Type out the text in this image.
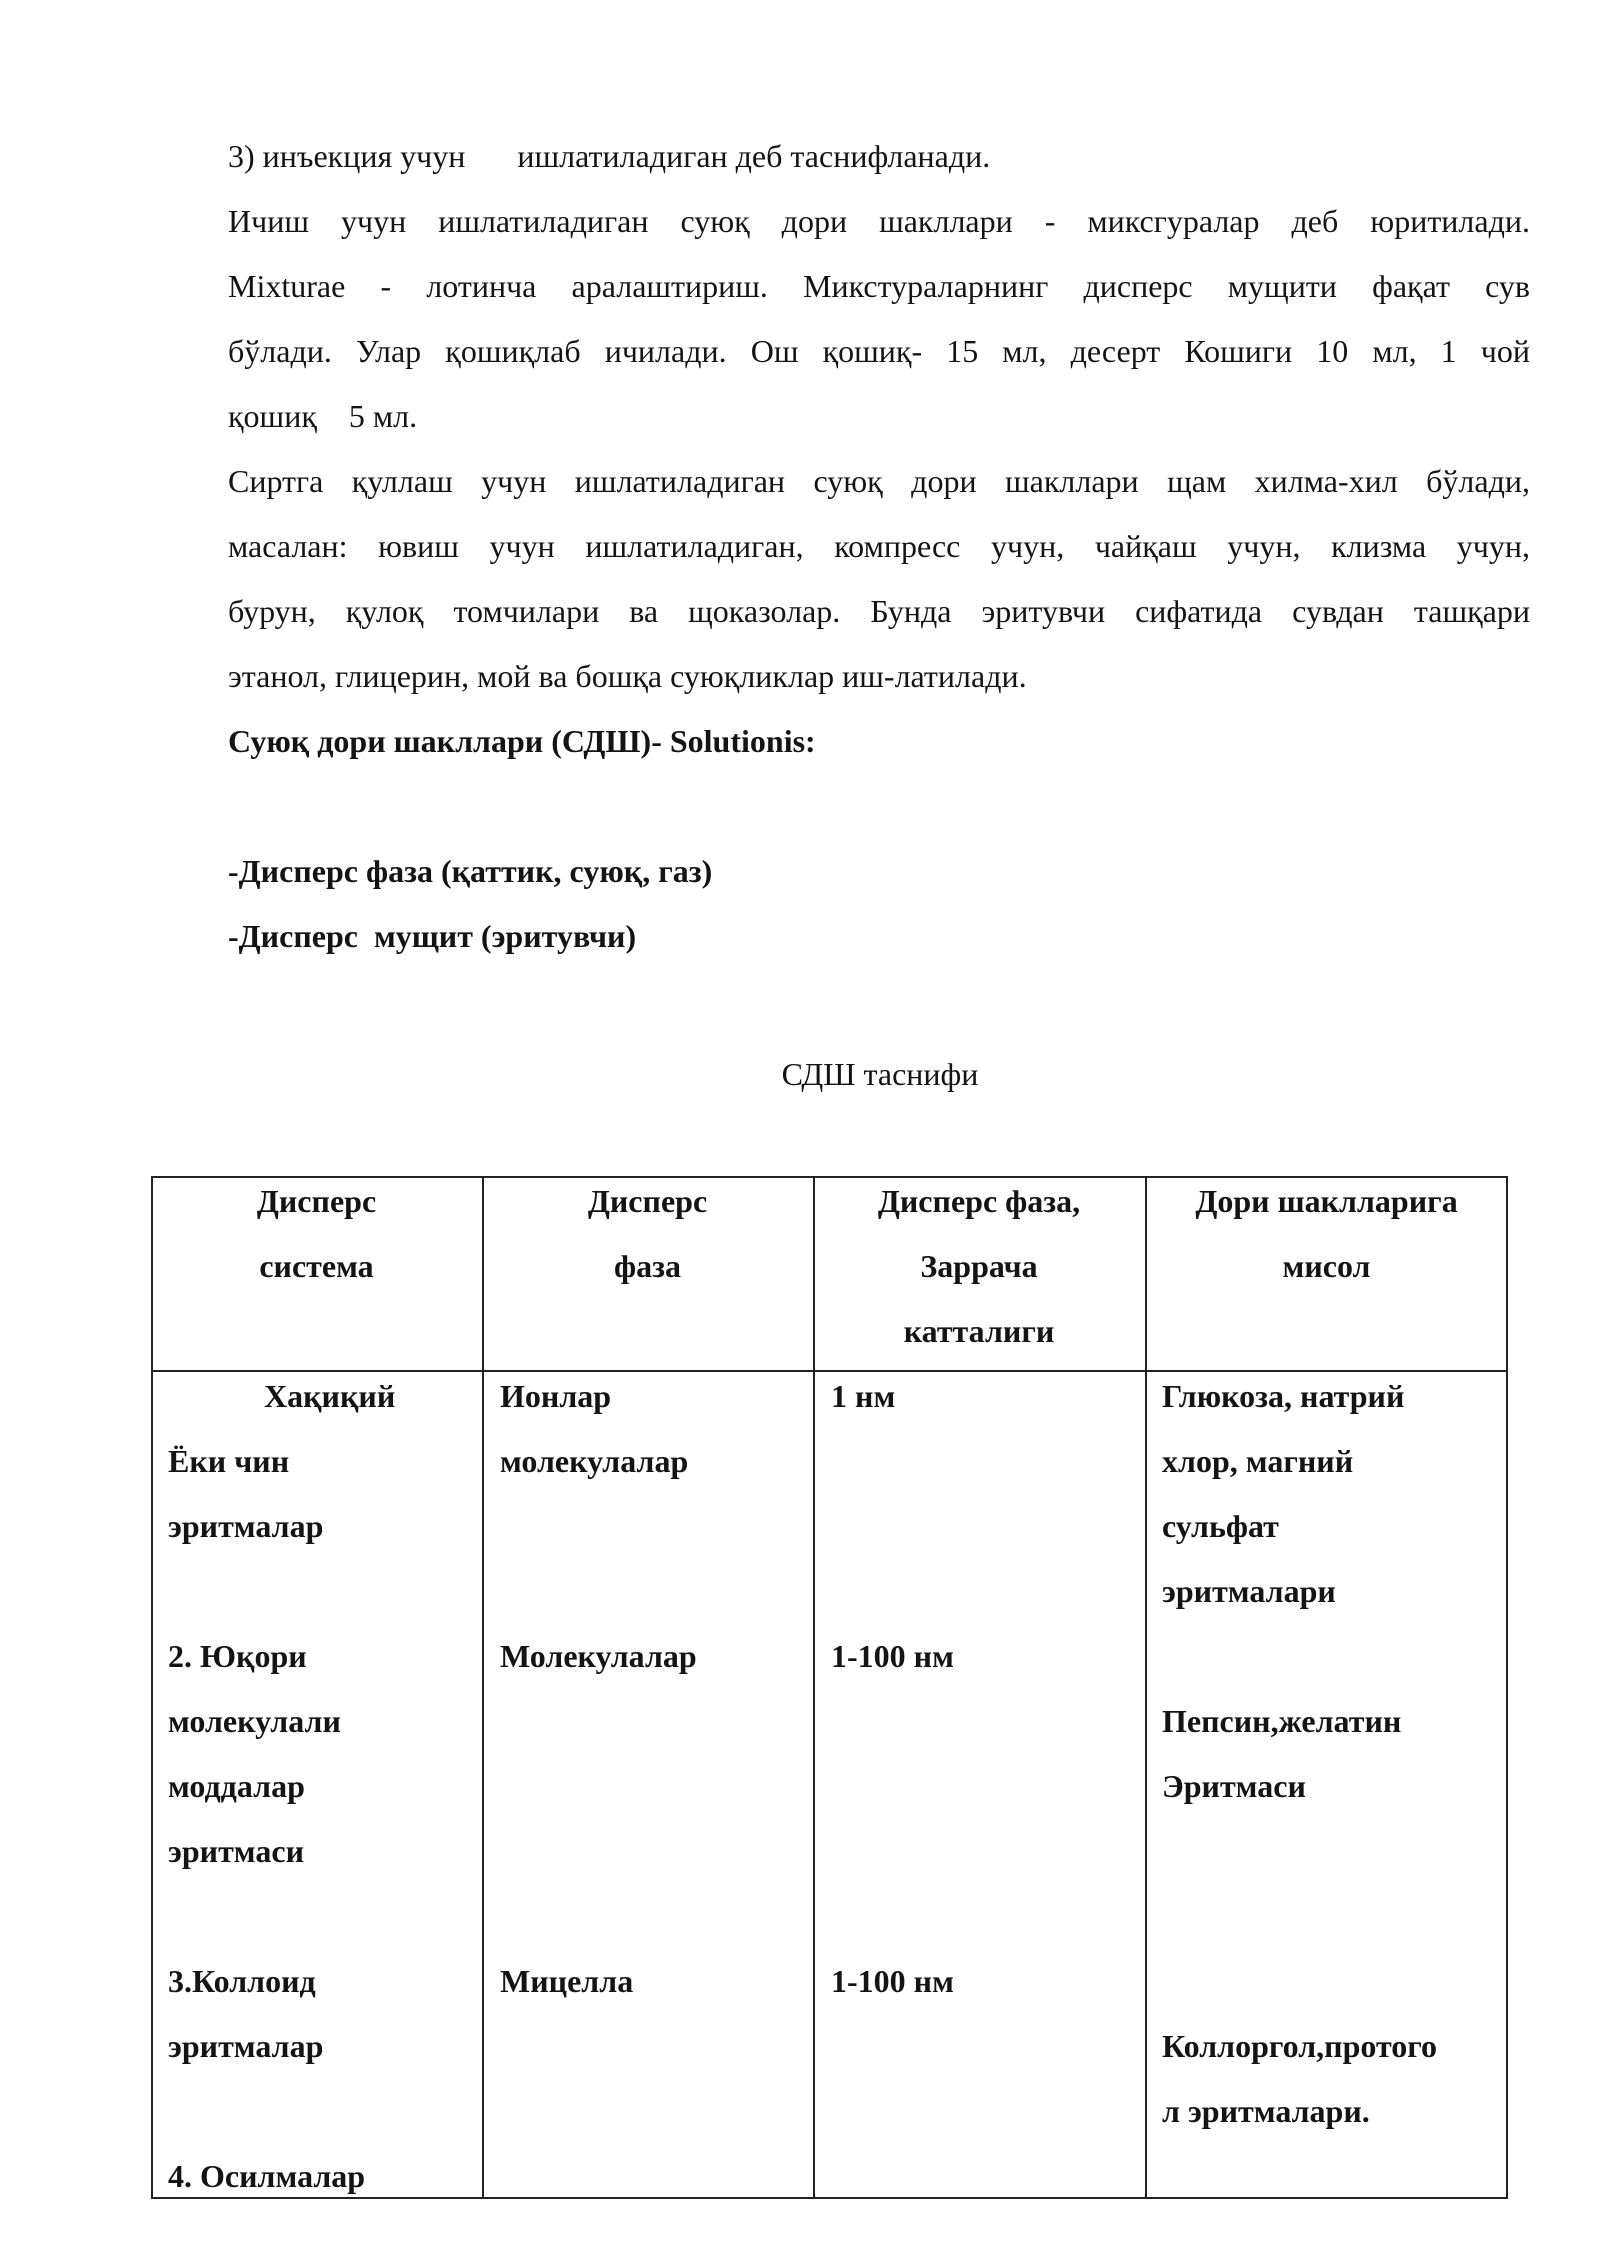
3) инъекция учун ишлатиладиган деб таснифланади.
Ичиш учун ишлатиладиган суюқ дори шакллари - миксгуралар деб юритилади.
Mixturae - лотинча аралаштириш. Микстураларнинг дисперс мущити фақат сув
бўлади. Улар қошиқлаб ичилади. Ош қошиқ- 15 мл, десерт Кошиги 10 мл, 1 чой
қошиқ    5 мл.
Сиртга қуллаш учун ишлатиладиган суюқ дори шакллари щам хилма-хил бўлади,
масалан: ювиш учун ишлатиладиган, компресс учун, чайқаш учун, клизма учун,
бурун, қулоқ томчилари ва щоказолар. Бунда эритувчи сифатида сувдан ташқари
этанол, глицерин, мой ва бошқа суюқликлар иш-латилади.
Суюқ дори шакллари (СДШ)- Solutionis:
-Дисперс фаза (қаттик, суюқ, газ)
-Дисперс  мущит (эритувчи)
СДШ таснифи
Дисперс
система
Дисперс
фаза
Дисперс фаза,
Заррача
катталиги
Дори шаклларига
мисол
Хақиқий
Ёки чин
эритмалар
2. Юқори
молекулали
моддалар
эритмаси
3.Коллоид
эритмалар
4. Осилмалар
Ионлар
молекулалар
Молекулалар
Мицелла
1 нм
1-100 нм
1-100 нм
Глюкоза, натрий
хлор, магний
сульфат
эритмалари
Пепсин,желатин
Эритмаси
Коллоргол,протого
л эритмалари.
